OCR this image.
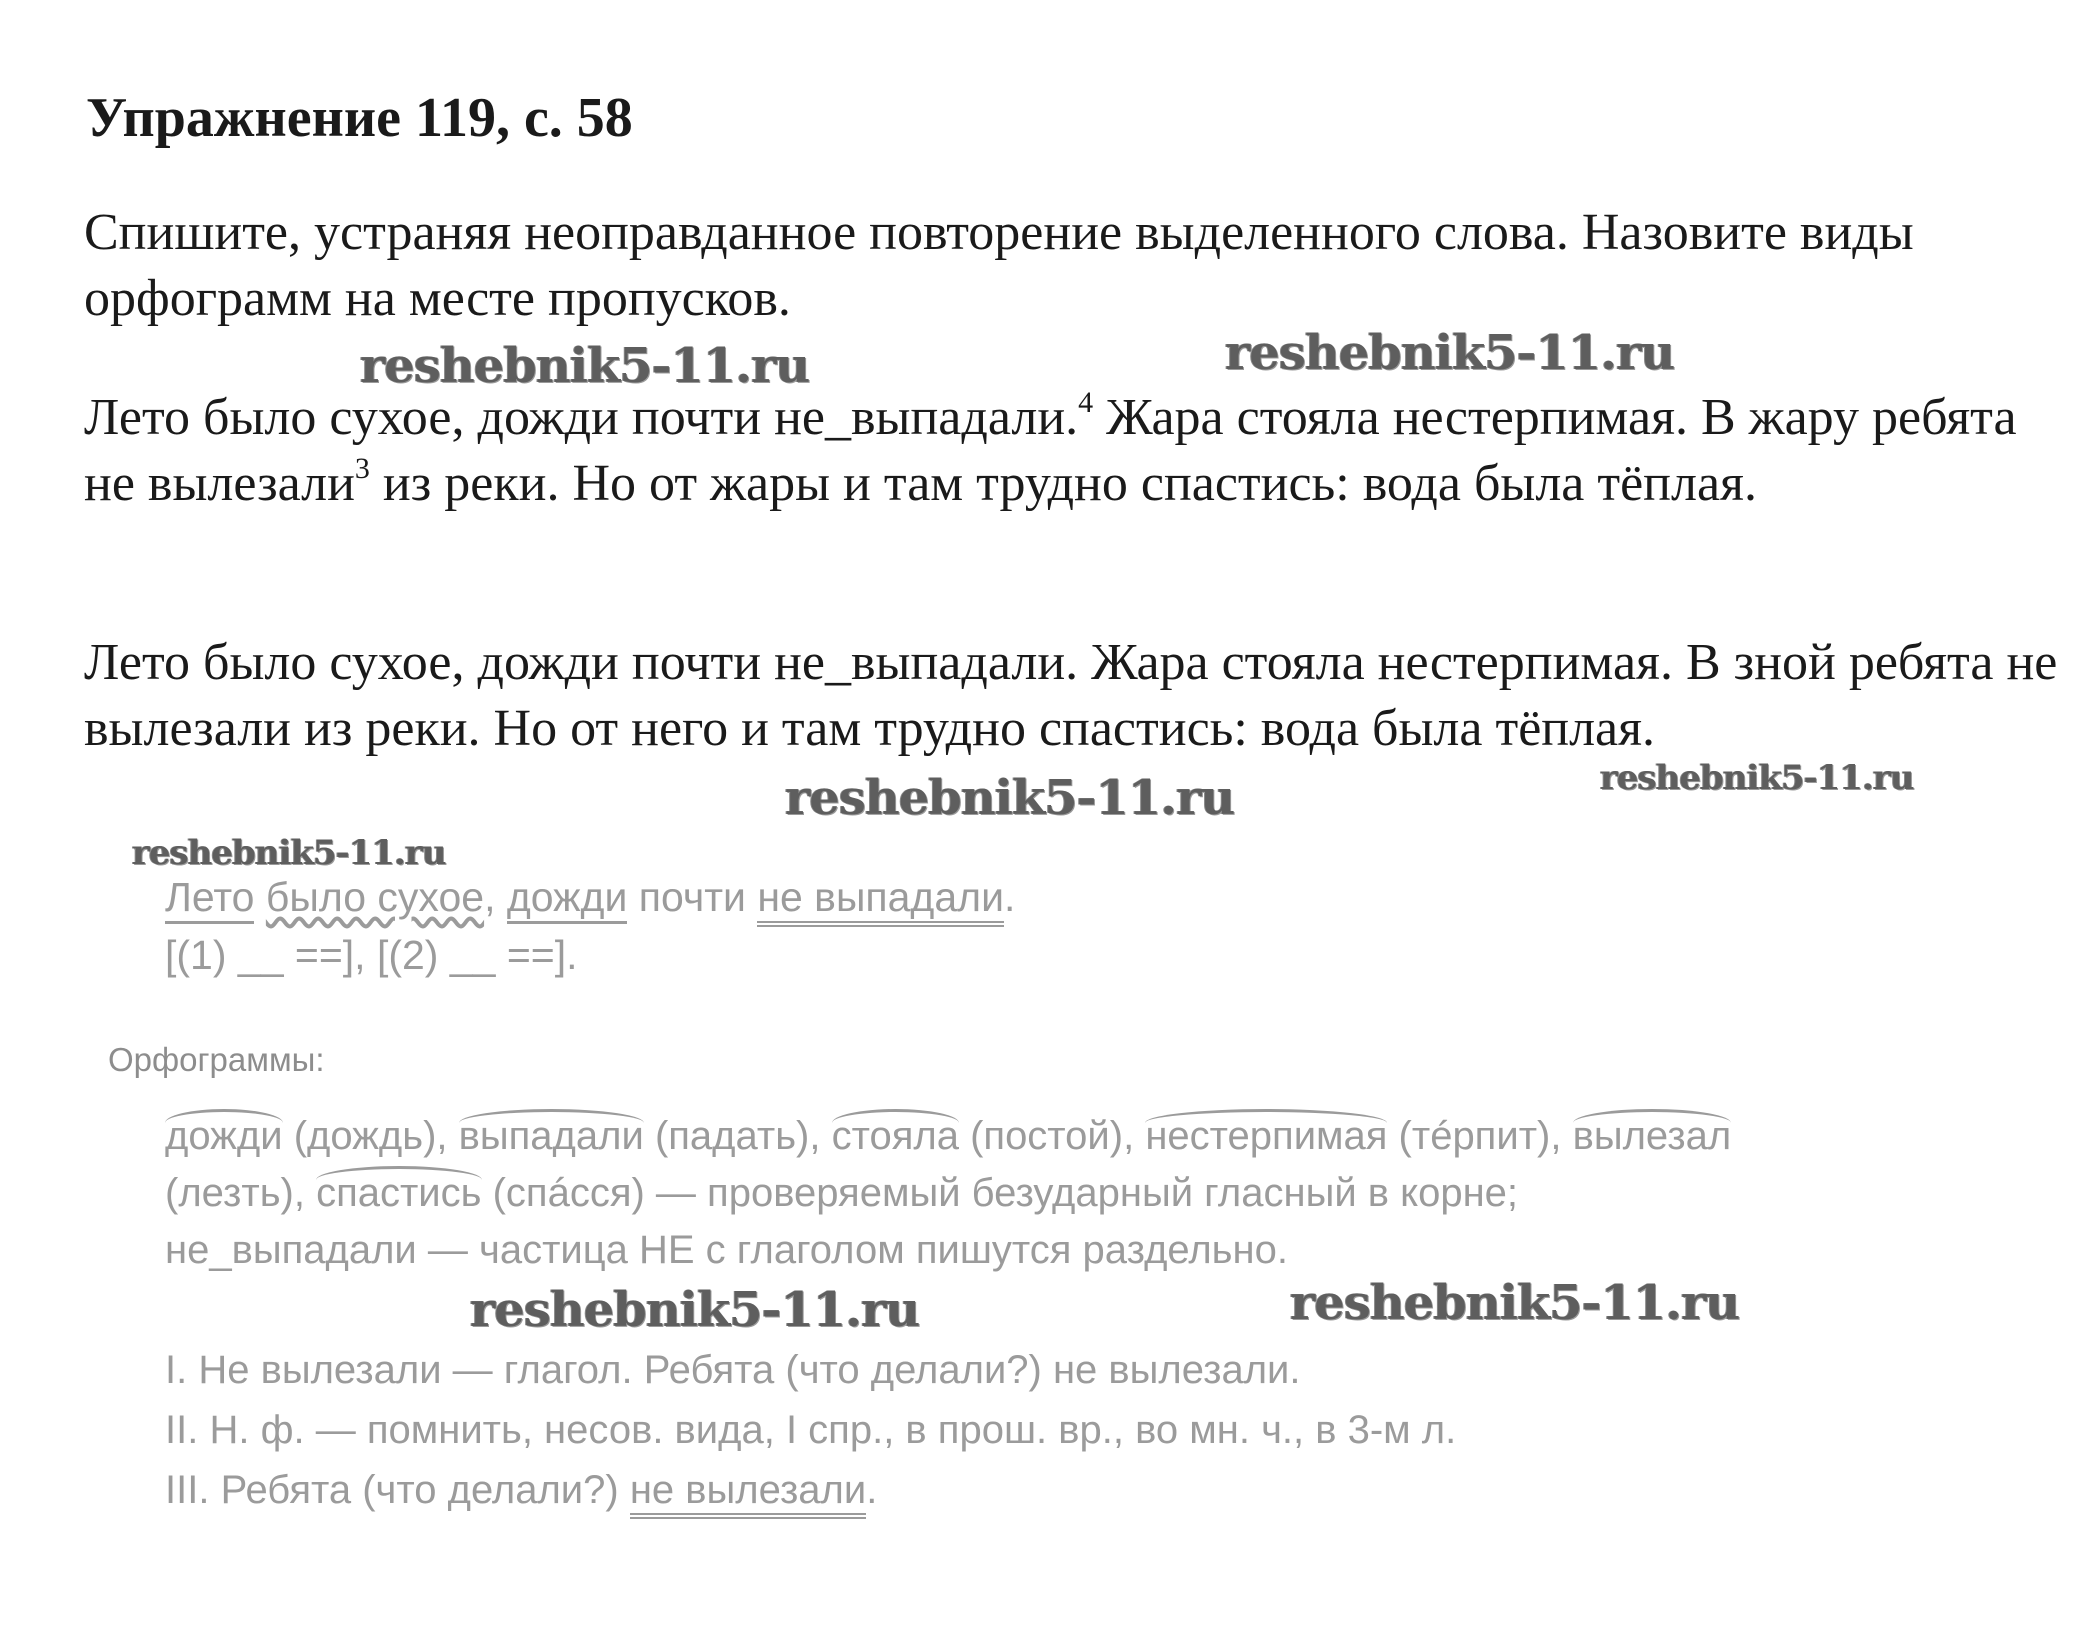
Упражнение 119, с. 58

Спишите, устраняя неоправданное повторение выделенного слова. Назовите виды орфограмм на месте пропусков.

Лето было сухое, дожди почти не_выпадали.$^4$ Жара стояла нестерпимая. В жару ребята не вылезали$^3$ из реки. Но от жары и там трудно спастись: вода была тёплая.

Лето было сухое, дожди почти не_выпадали. Жара стояла нестерпимая. В зной ребята не вылезали из реки. Но от него и там трудно спастись: вода была тёплая.

Лето было сухое, дожди почти не выпадали.
[(1) __ ==], [(2) __ ==].
Орфограммы:

дожди (дождь), выпадали (падать), стояла (постой), нестерпимая (тéрпит), вылезал

(лезть), спастись (спáсся) — проверяемый безударный гласный в корне;

не_выпадали — частица НЕ с глаголом пишутся раздельно.

I. Не вылезали — глагол. Ребята (что делали?) не вылезали.

II. Н. ф. — помнить, несов. вида, I спр., в прош. вр., во мн. ч., в 3-м л.

III. Ребята (что делали?) не вылезали.

reshebnik5-11.ru	reshebnik5-11.ru
reshebnik5-11.ru	reshebnik5-11.ru
reshebnik5-11.ru
reshebnik5-11.ru	reshebnik5-11.ru
